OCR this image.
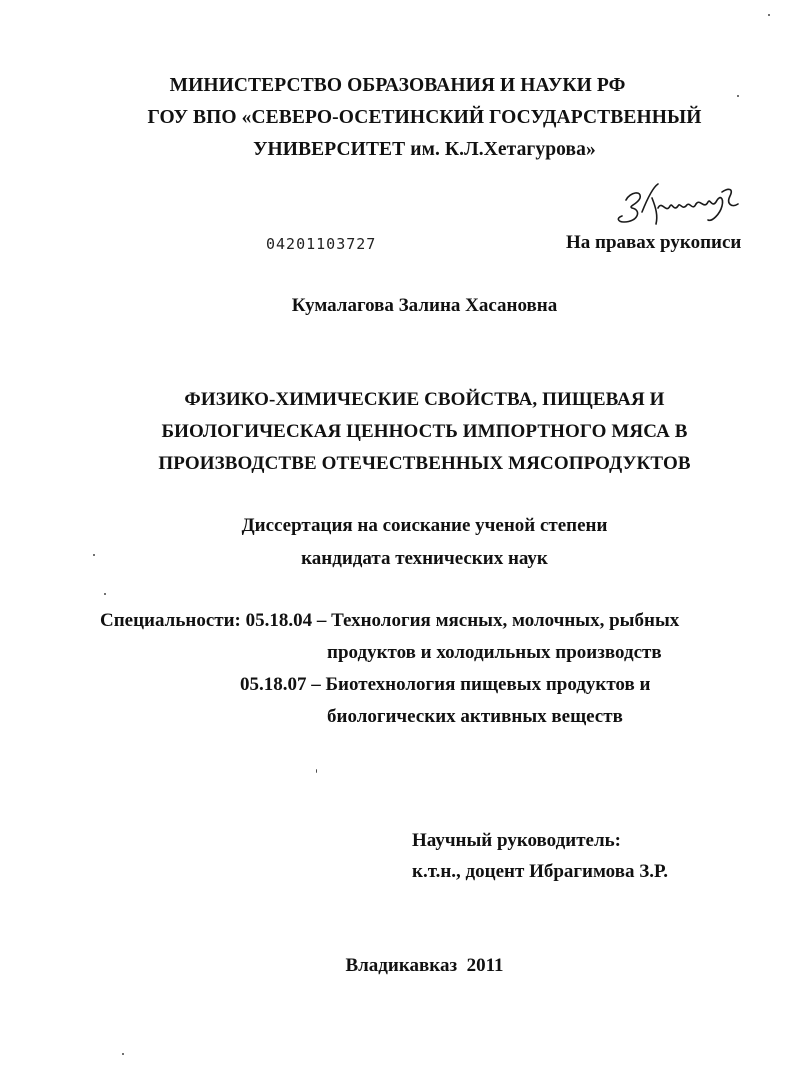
МИНИСТЕРСТВО ОБРАЗОВАНИЯ И НАУКИ РФ
ГОУ ВПО «СЕВЕРО-ОСЕТИНСКИЙ ГОСУДАРСТВЕННЫЙ
УНИВЕРСИТЕТ им. К.Л.Хетагурова»
04201103727	На правах рукописи
Кумалагова Залина Хасановна
ФИЗИКО-ХИМИЧЕСКИЕ СВОЙСТВА, ПИЩЕВАЯ И
БИОЛОГИЧЕСКАЯ ЦЕННОСТЬ ИМПОРТНОГО МЯСА В
ПРОИЗВОДСТВЕ ОТЕЧЕСТВЕННЫХ МЯСОПРОДУКТОВ
Диссертация на соискание ученой степени
кандидата технических наук
Специальности: 05.18.04 – Технология мясных, молочных, рыбных
продуктов и холодильных производств
05.18.07 – Биотехнология пищевых продуктов и
биологических активных веществ
Научный руководитель:
к.т.н., доцент Ибрагимова З.Р.
Владикавказ  2011
